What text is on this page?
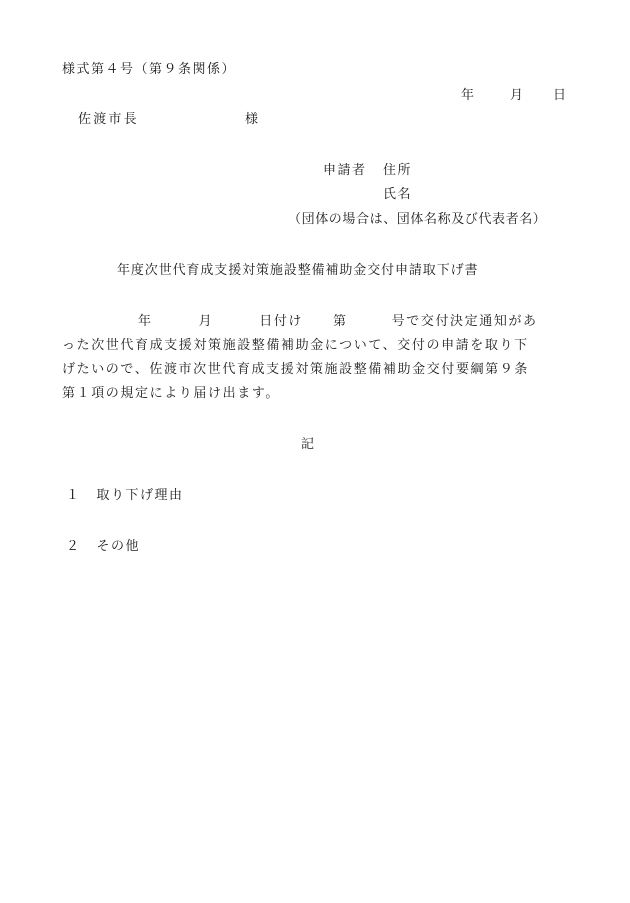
様式第４号（第９条関係）
年	月 日
佐渡市長	様
申請者 住所
氏名
（団体の場合は、団体名称及び代表者名）
年度次世代育成支援対策施設整備補助金交付申請取下げ書
年	月	日付け 第	号で交付決定通知があ
った次世代育成支援対策施設整備補助金について、交付の申請を取り下
げたいので、佐渡市次世代育成支援対策施設整備補助金交付要綱第９条
第１項の規定により届け出ます。
記
１ 取り下げ理由
２ その他
